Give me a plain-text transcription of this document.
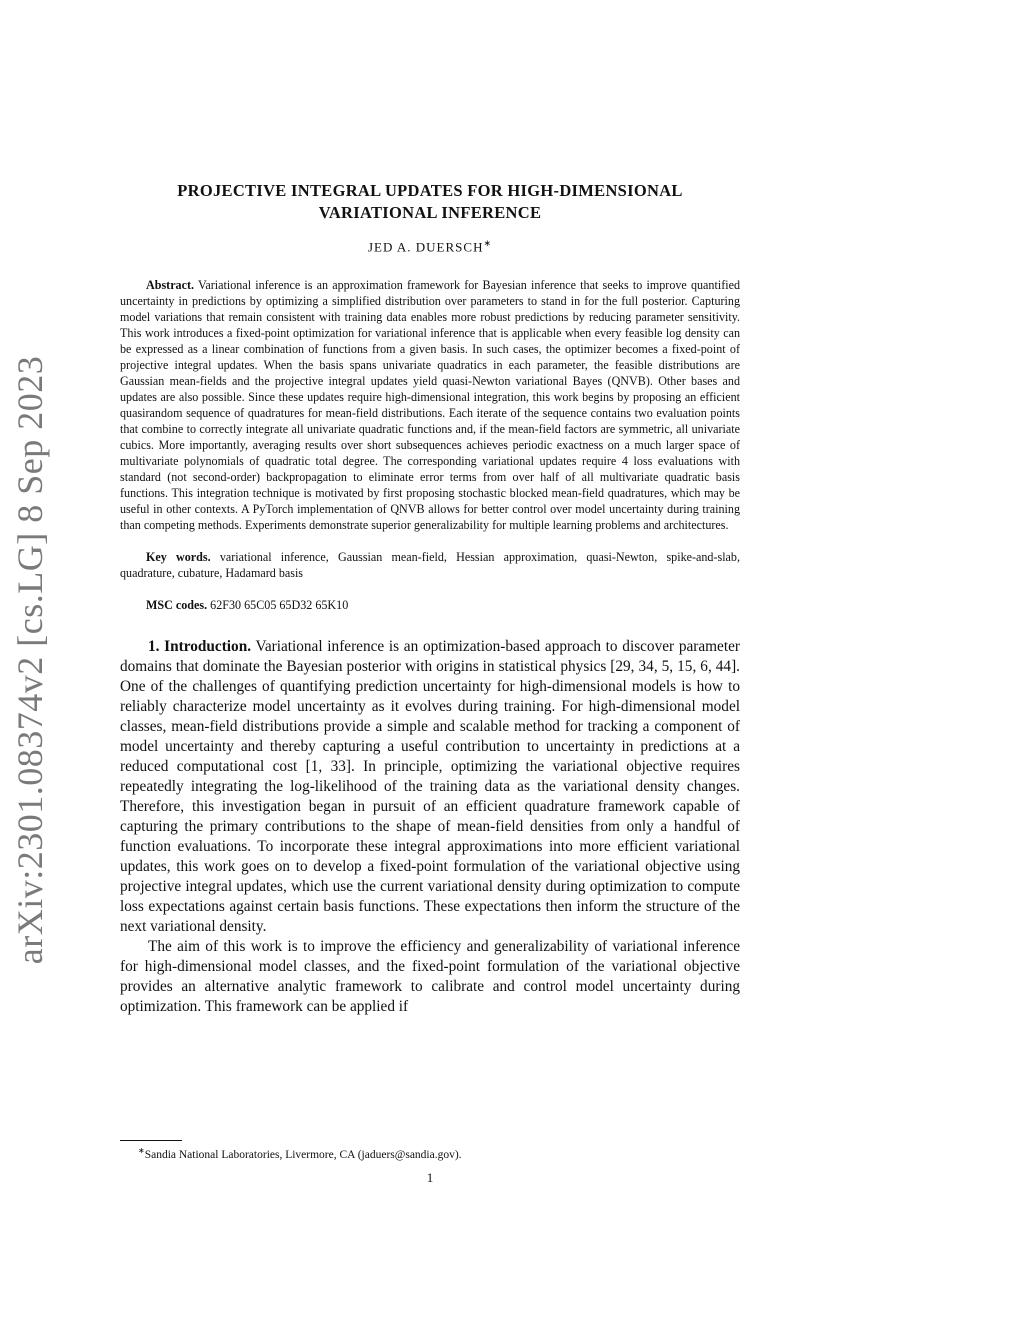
arXiv:2301.08374v2 [cs.LG] 8 Sep 2023
PROJECTIVE INTEGRAL UPDATES FOR HIGH-DIMENSIONAL
VARIATIONAL INFERENCE
JED A. DUERSCH∗

Abstract. Variational inference is an approximation framework for Bayesian inference that seeks to improve quantified uncertainty in predictions by optimizing a simplified distribution over parameters to stand in for the full posterior. Capturing model variations that remain consistent with training data enables more robust predictions by reducing parameter sensitivity. This work introduces a fixed-point optimization for variational inference that is applicable when every feasible log density can be expressed as a linear combination of functions from a given basis. In such cases, the optimizer becomes a fixed-point of projective integral updates. When the basis spans univariate quadratics in each parameter, the feasible distributions are Gaussian mean-fields and the projective integral updates yield quasi-Newton variational Bayes (QNVB). Other bases and updates are also possible. Since these updates require high-dimensional integration, this work begins by proposing an efficient quasirandom sequence of quadratures for mean-field distributions. Each iterate of the sequence contains two evaluation points that combine to correctly integrate all univariate quadratic functions and, if the mean-field factors are symmetric, all univariate cubics. More importantly, averaging results over short subsequences achieves periodic exactness on a much larger space of multivariate polynomials of quadratic total degree. The corresponding variational updates require 4 loss evaluations with standard (not second-order) backpropagation to eliminate error terms from over half of all multivariate quadratic basis functions. This integration technique is motivated by first proposing stochastic blocked mean-field quadratures, which may be useful in other contexts. A PyTorch implementation of QNVB allows for better control over model uncertainty during training than competing methods. Experiments demonstrate superior generalizability for multiple learning problems and architectures.

Key words. variational inference, Gaussian mean-field, Hessian approximation, quasi-Newton, spike-and-slab, quadrature, cubature, Hadamard basis

MSC codes. 62F30 65C05 65D32 65K10

1. Introduction. Variational inference is an optimization-based approach to discover parameter domains that dominate the Bayesian posterior with origins in statistical physics [29, 34, 5, 15, 6, 44]. One of the challenges of quantifying prediction uncertainty for high-dimensional models is how to reliably characterize model uncertainty as it evolves during training. For high-dimensional model classes, mean-field distributions provide a simple and scalable method for tracking a component of model uncertainty and thereby capturing a useful contribution to uncertainty in predictions at a reduced computational cost [1, 33]. In principle, optimizing the variational objective requires repeatedly integrating the log-likelihood of the training data as the variational density changes. Therefore, this investigation began in pursuit of an efficient quadrature framework capable of capturing the primary contributions to the shape of mean-field densities from only a handful of function evaluations. To incorporate these integral approximations into more efficient variational updates, this work goes on to develop a fixed-point formulation of the variational objective using projective integral updates, which use the current variational density during optimization to compute loss expectations against certain basis functions. These expectations then inform the structure of the next variational density.

The aim of this work is to improve the efficiency and generalizability of variational inference for high-dimensional model classes, and the fixed-point formulation of the variational objective provides an alternative analytic framework to calibrate and control model uncertainty during optimization. This framework can be applied if

∗Sandia National Laboratories, Livermore, CA (jaduers@sandia.gov).
1
